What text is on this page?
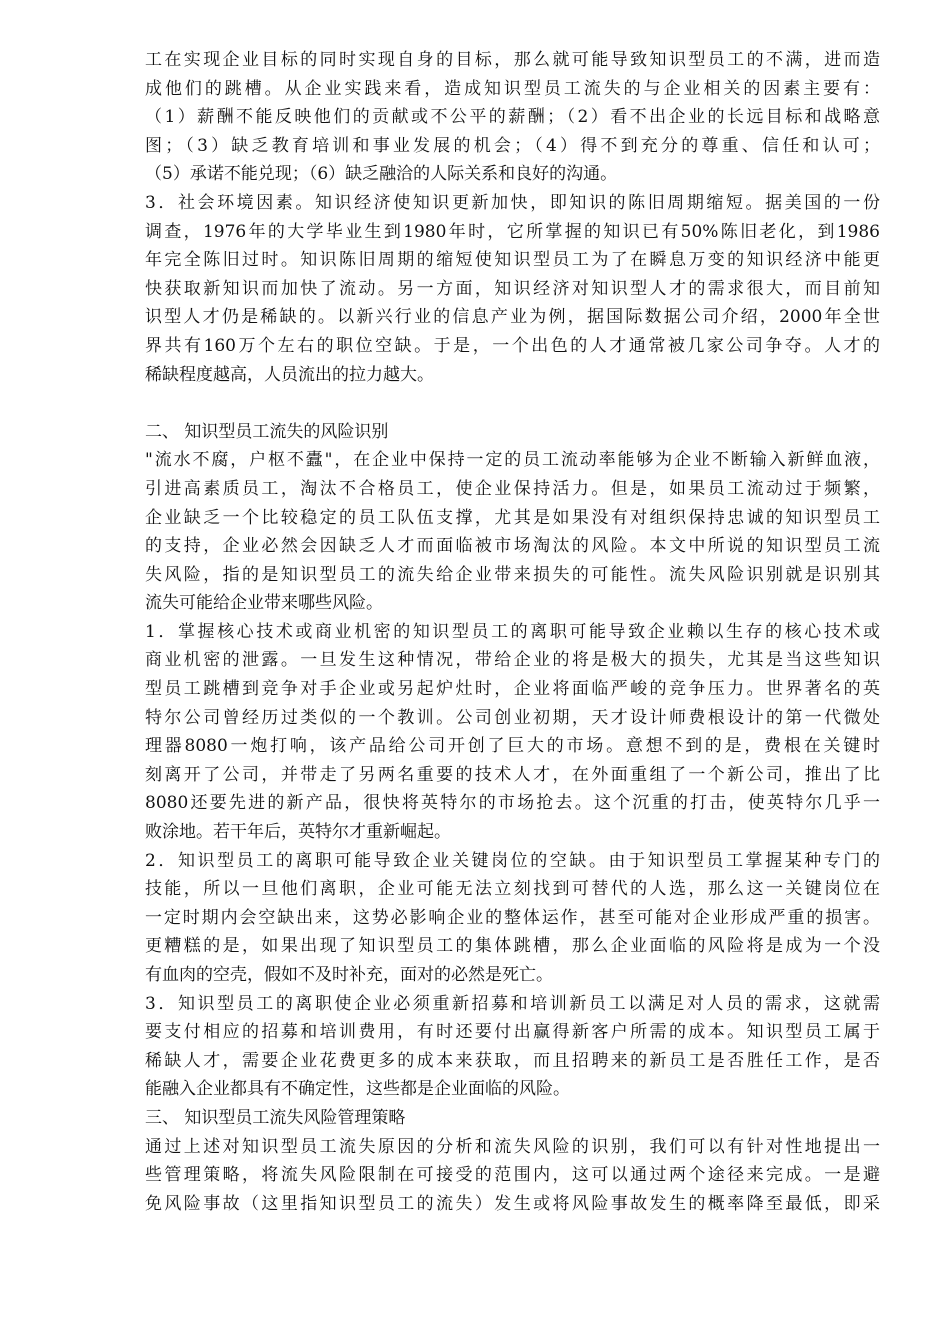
工在实现企业目标的同时实现自身的目标，那么就可能导致知识型员工的不满，进而造
成他们的跳槽。从企业实践来看，造成知识型员工流失的与企业相关的因素主要有：
（1）薪酬不能反映他们的贡献或不公平的薪酬；（2）看不出企业的长远目标和战略意
图；（3）缺乏教育培训和事业发展的机会；（4）得不到充分的尊重、信任和认可；
（5）承诺不能兑现；（6）缺乏融洽的人际关系和良好的沟通。
3．社会环境因素。知识经济使知识更新加快，即知识的陈旧周期缩短。据美国的一份
调查，1976年的大学毕业生到1980年时，它所掌握的知识已有50%陈旧老化，到1986
年完全陈旧过时。知识陈旧周期的缩短使知识型员工为了在瞬息万变的知识经济中能更
快获取新知识而加快了流动。另一方面，知识经济对知识型人才的需求很大，而目前知
识型人才仍是稀缺的。以新兴行业的信息产业为例，据国际数据公司介绍，2000年全世
界共有160万个左右的职位空缺。于是，一个出色的人才通常被几家公司争夺。人才的
稀缺程度越高，人员流出的拉力越大。
二、 知识型员工流失的风险识别
"流水不腐，户枢不蠹"，在企业中保持一定的员工流动率能够为企业不断输入新鲜血液，
引进高素质员工，淘汰不合格员工，使企业保持活力。但是，如果员工流动过于频繁，
企业缺乏一个比较稳定的员工队伍支撑，尤其是如果没有对组织保持忠诚的知识型员工
的支持，企业必然会因缺乏人才而面临被市场淘汰的风险。本文中所说的知识型员工流
失风险，指的是知识型员工的流失给企业带来损失的可能性。流失风险识别就是识别其
流失可能给企业带来哪些风险。
1．掌握核心技术或商业机密的知识型员工的离职可能导致企业赖以生存的核心技术或
商业机密的泄露。一旦发生这种情况，带给企业的将是极大的损失，尤其是当这些知识
型员工跳槽到竞争对手企业或另起炉灶时，企业将面临严峻的竞争压力。世界著名的英
特尔公司曾经历过类似的一个教训。公司创业初期，天才设计师费根设计的第一代微处
理器8080一炮打响，该产品给公司开创了巨大的市场。意想不到的是，费根在关键时
刻离开了公司，并带走了另两名重要的技术人才，在外面重组了一个新公司，推出了比
8080还要先进的新产品，很快将英特尔的市场抢去。这个沉重的打击，使英特尔几乎一
败涂地。若干年后，英特尔才重新崛起。
2．知识型员工的离职可能导致企业关键岗位的空缺。由于知识型员工掌握某种专门的
技能，所以一旦他们离职，企业可能无法立刻找到可替代的人选，那么这一关键岗位在
一定时期内会空缺出来，这势必影响企业的整体运作，甚至可能对企业形成严重的损害。
更糟糕的是，如果出现了知识型员工的集体跳槽，那么企业面临的风险将是成为一个没
有血肉的空壳，假如不及时补充，面对的必然是死亡。
3．知识型员工的离职使企业必须重新招募和培训新员工以满足对人员的需求，这就需
要支付相应的招募和培训费用，有时还要付出赢得新客户所需的成本。知识型员工属于
稀缺人才，需要企业花费更多的成本来获取，而且招聘来的新员工是否胜任工作，是否
能融入企业都具有不确定性，这些都是企业面临的风险。
三、 知识型员工流失风险管理策略
通过上述对知识型员工流失原因的分析和流失风险的识别，我们可以有针对性地提出一
些管理策略，将流失风险限制在可接受的范围内，这可以通过两个途径来完成。一是避
免风险事故（这里指知识型员工的流失）发生或将风险事故发生的概率降至最低，即采
